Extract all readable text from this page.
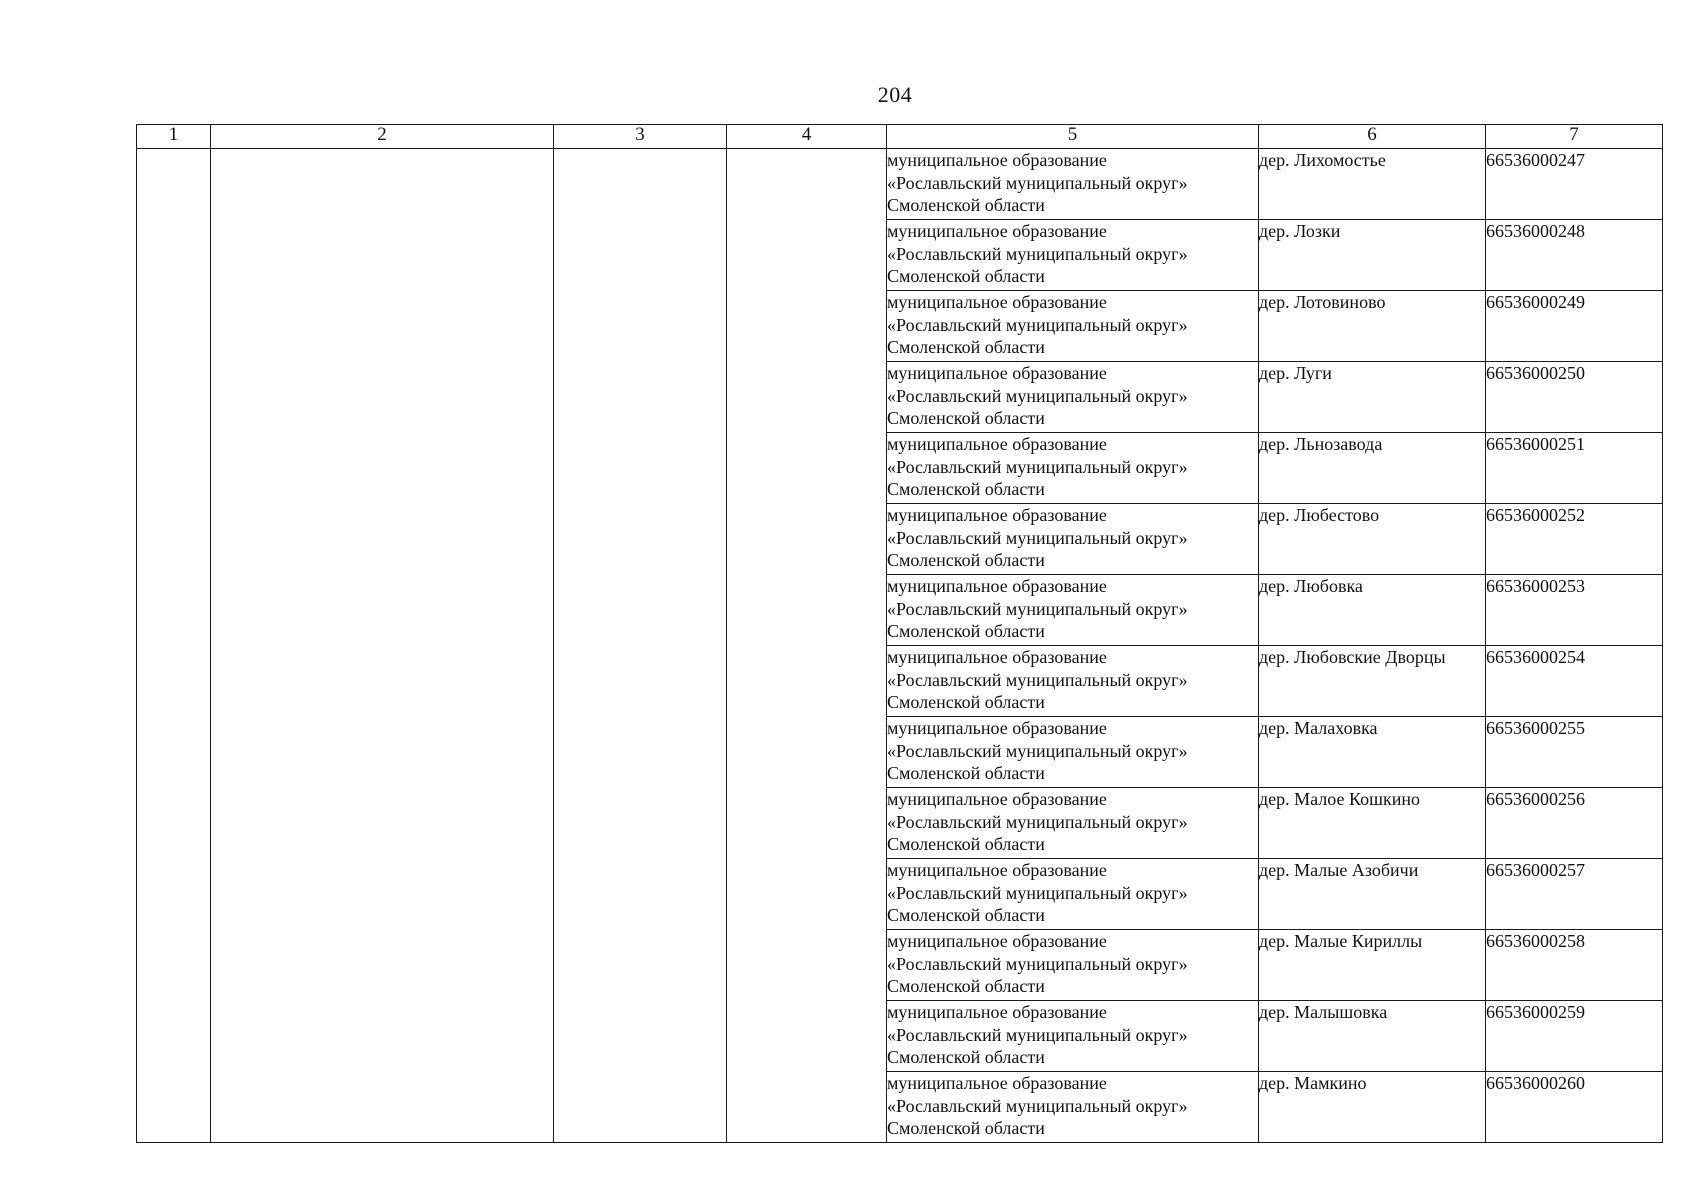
204
1	2	3	4	5	6	7

				муниципальное образование
«Рославльский муниципальный округ»
Смоленской области	дер. Лихомостье	66536000247

				муниципальное образование
«Рославльский муниципальный округ»
Смоленской области	дер. Лозки	66536000248

				муниципальное образование
«Рославльский муниципальный округ»
Смоленской области	дер. Лотовиново	66536000249

				муниципальное образование
«Рославльский муниципальный округ»
Смоленской области	дер. Луги	66536000250

				муниципальное образование
«Рославльский муниципальный округ»
Смоленской области	дер. Льнозавода	66536000251

				муниципальное образование
«Рославльский муниципальный округ»
Смоленской области	дер. Любестово	66536000252

				муниципальное образование
«Рославльский муниципальный округ»
Смоленской области	дер. Любовка	66536000253

				муниципальное образование
«Рославльский муниципальный округ»
Смоленской области	дер. Любовские Дворцы	66536000254

				муниципальное образование
«Рославльский муниципальный округ»
Смоленской области	дер. Малаховка	66536000255

				муниципальное образование
«Рославльский муниципальный округ»
Смоленской области	дер. Малое Кошкино	66536000256

				муниципальное образование
«Рославльский муниципальный округ»
Смоленской области	дер. Малые Азобичи	66536000257

				муниципальное образование
«Рославльский муниципальный округ»
Смоленской области	дер. Малые Кириллы	66536000258

				муниципальное образование
«Рославльский муниципальный округ»
Смоленской области	дер. Малышовка	66536000259

				муниципальное образование
«Рославльский муниципальный округ»
Смоленской области	дер. Мамкино	66536000260
